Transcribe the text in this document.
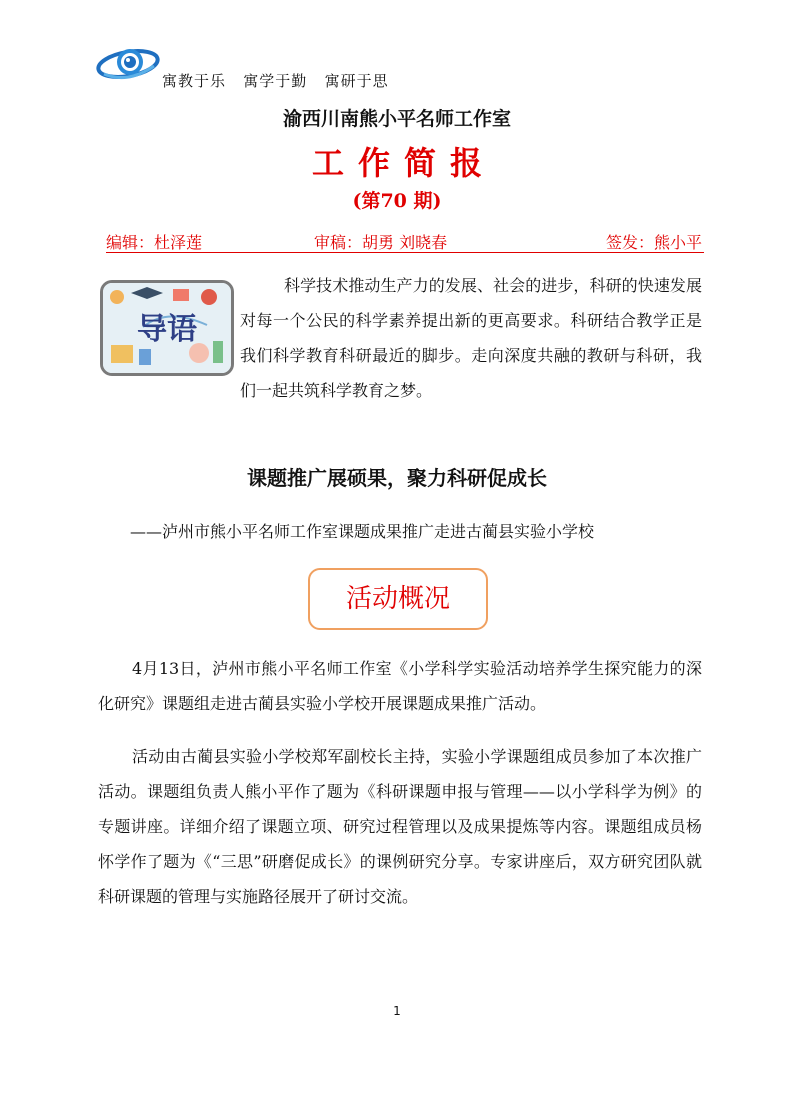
寓教于乐   寓学于勤   寓研于思
渝西川南熊小平名师工作室
工作简报
(第70 期)
编辑：杜泽莲	审稿：胡勇 刘晓春	签发：熊小平
导语
科学技术推动生产力的发展、社会的进步，科研的快速发展对每一个公民的科学素养提出新的更高要求。科研结合教学正是我们科学教育科研最近的脚步。走向深度共融的教研与科研，我们一起共筑科学教育之梦。
课题推广展硕果，聚力科研促成长
——泸州市熊小平名师工作室课题成果推广走进古蔺县实验小学校
活动概况
4月13日，泸州市熊小平名师工作室《小学科学实验活动培养学生探究能力的深化研究》课题组走进古蔺县实验小学校开展课题成果推广活动。
活动由古蔺县实验小学校郑军副校长主持，实验小学课题组成员参加了本次推广活动。课题组负责人熊小平作了题为《科研课题申报与管理——以小学科学为例》的专题讲座。详细介绍了课题立项、研究过程管理以及成果提炼等内容。课题组成员杨怀学作了题为《“三思”研磨促成长》的课例研究分享。专家讲座后，双方研究团队就科研课题的管理与实施路径展开了研讨交流。
1
